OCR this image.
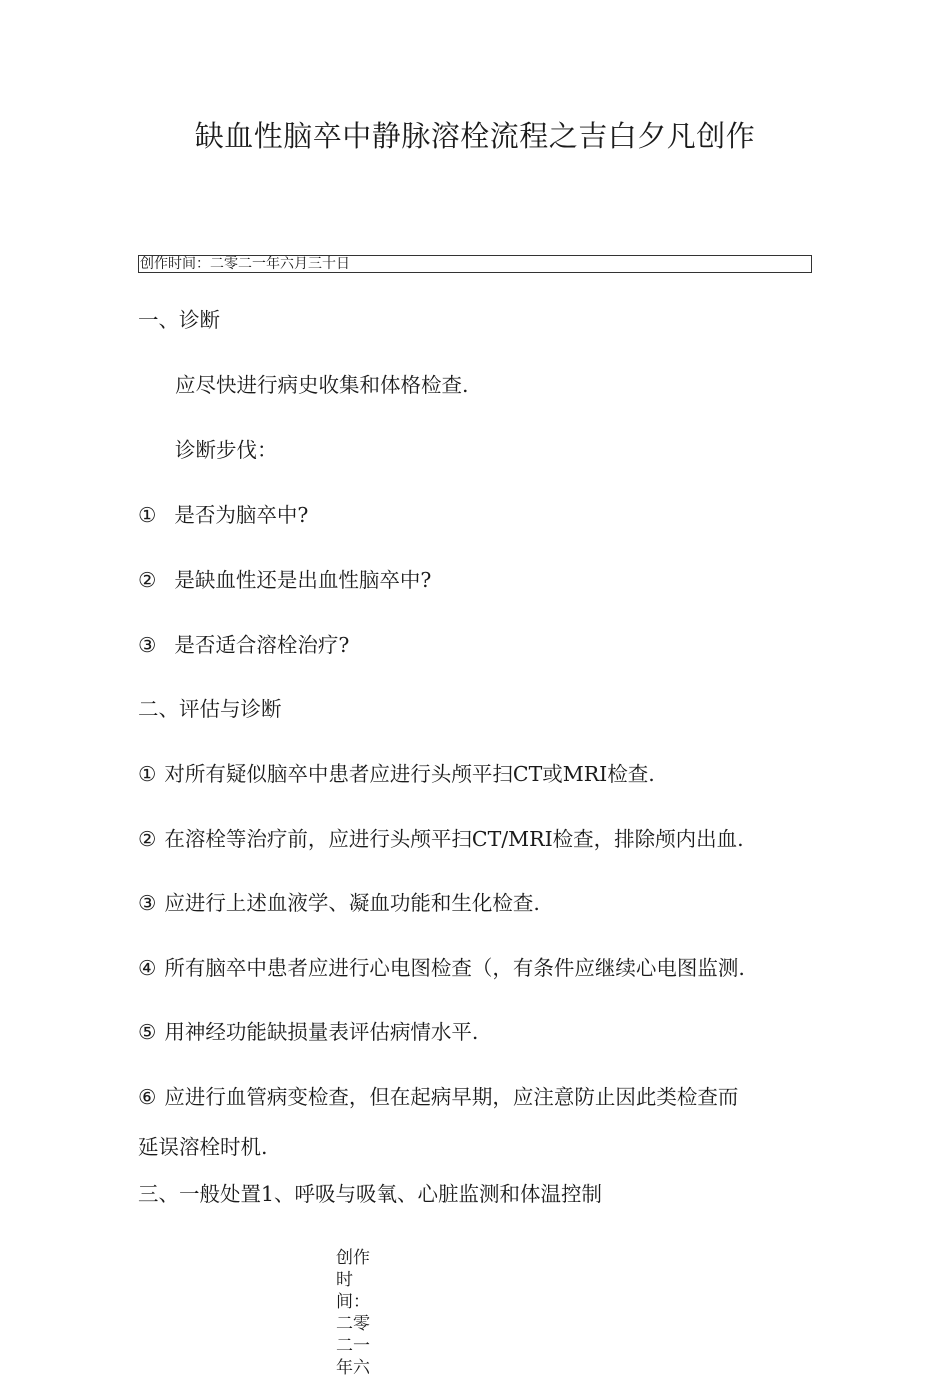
缺血性脑卒中静脉溶栓流程之吉白夕凡创作
创作时间：二零二一年六月三十日

一、诊断

应尽快进行病史收集和体格检查.

诊断步伐：

① 是否为脑卒中?

② 是缺血性还是出血性脑卒中?

③ 是否适合溶栓治疗?

二、评估与诊断

① 对所有疑似脑卒中患者应进行头颅平扫CT或MRI检查.

② 在溶栓等治疗前，应进行头颅平扫CT/MRI检查，排除颅内出血.

③ 应进行上述血液学、凝血功能和生化检查.

④ 所有脑卒中患者应进行心电图检查（，有条件应继续心电图监测.

⑤ 用神经功能缺损量表评估病情水平.

⑥ 应进行血管病变检查，但在起病早期，应注意防止因此类检查而

延误溶栓时机.

三、一般处置1、呼吸与吸氧、心脏监测和体温控制

创作时间：二零二一年六
